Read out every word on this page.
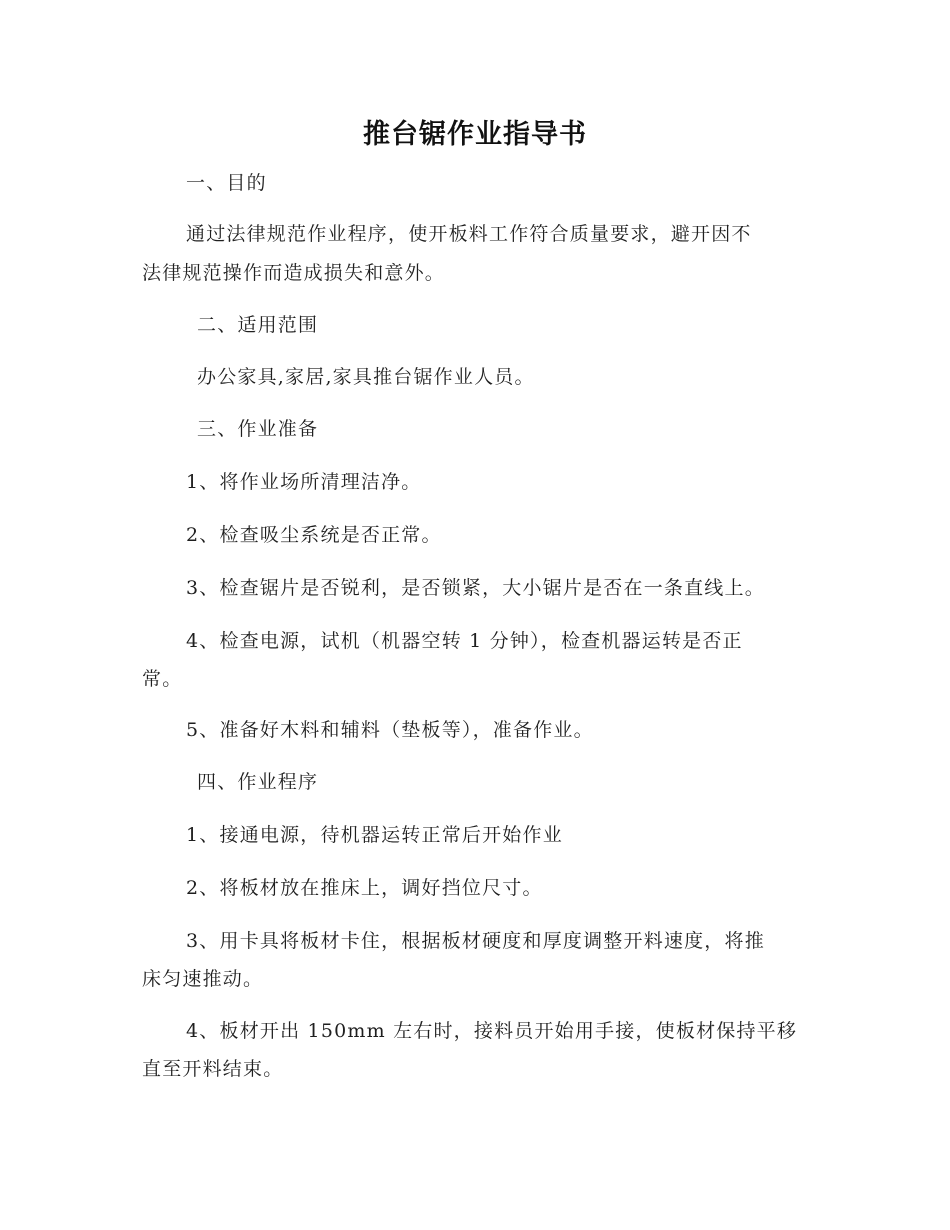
推台锯作业指导书

一、目的

通过法律规范作业程序，使开板料工作符合质量要求，避开因不

法律规范操作而造成损失和意外。

二、适用范围

办公家具,家居,家具推台锯作业人员。

三、作业准备

1、将作业场所清理洁净。

2、检查吸尘系统是否正常。

3、检查锯片是否锐利，是否锁紧，大小锯片是否在一条直线上。

4、检查电源，试机（机器空转 1 分钟），检查机器运转是否正

常。

5、准备好木料和辅料（垫板等），准备作业。

四、作业程序

1、接通电源，待机器运转正常后开始作业

2、将板材放在推床上，调好挡位尺寸。

3、用卡具将板材卡住，根据板材硬度和厚度调整开料速度，将推

床匀速推动。

4、板材开出 150mm 左右时，接料员开始用手接，使板材保持平移

直至开料结束。
